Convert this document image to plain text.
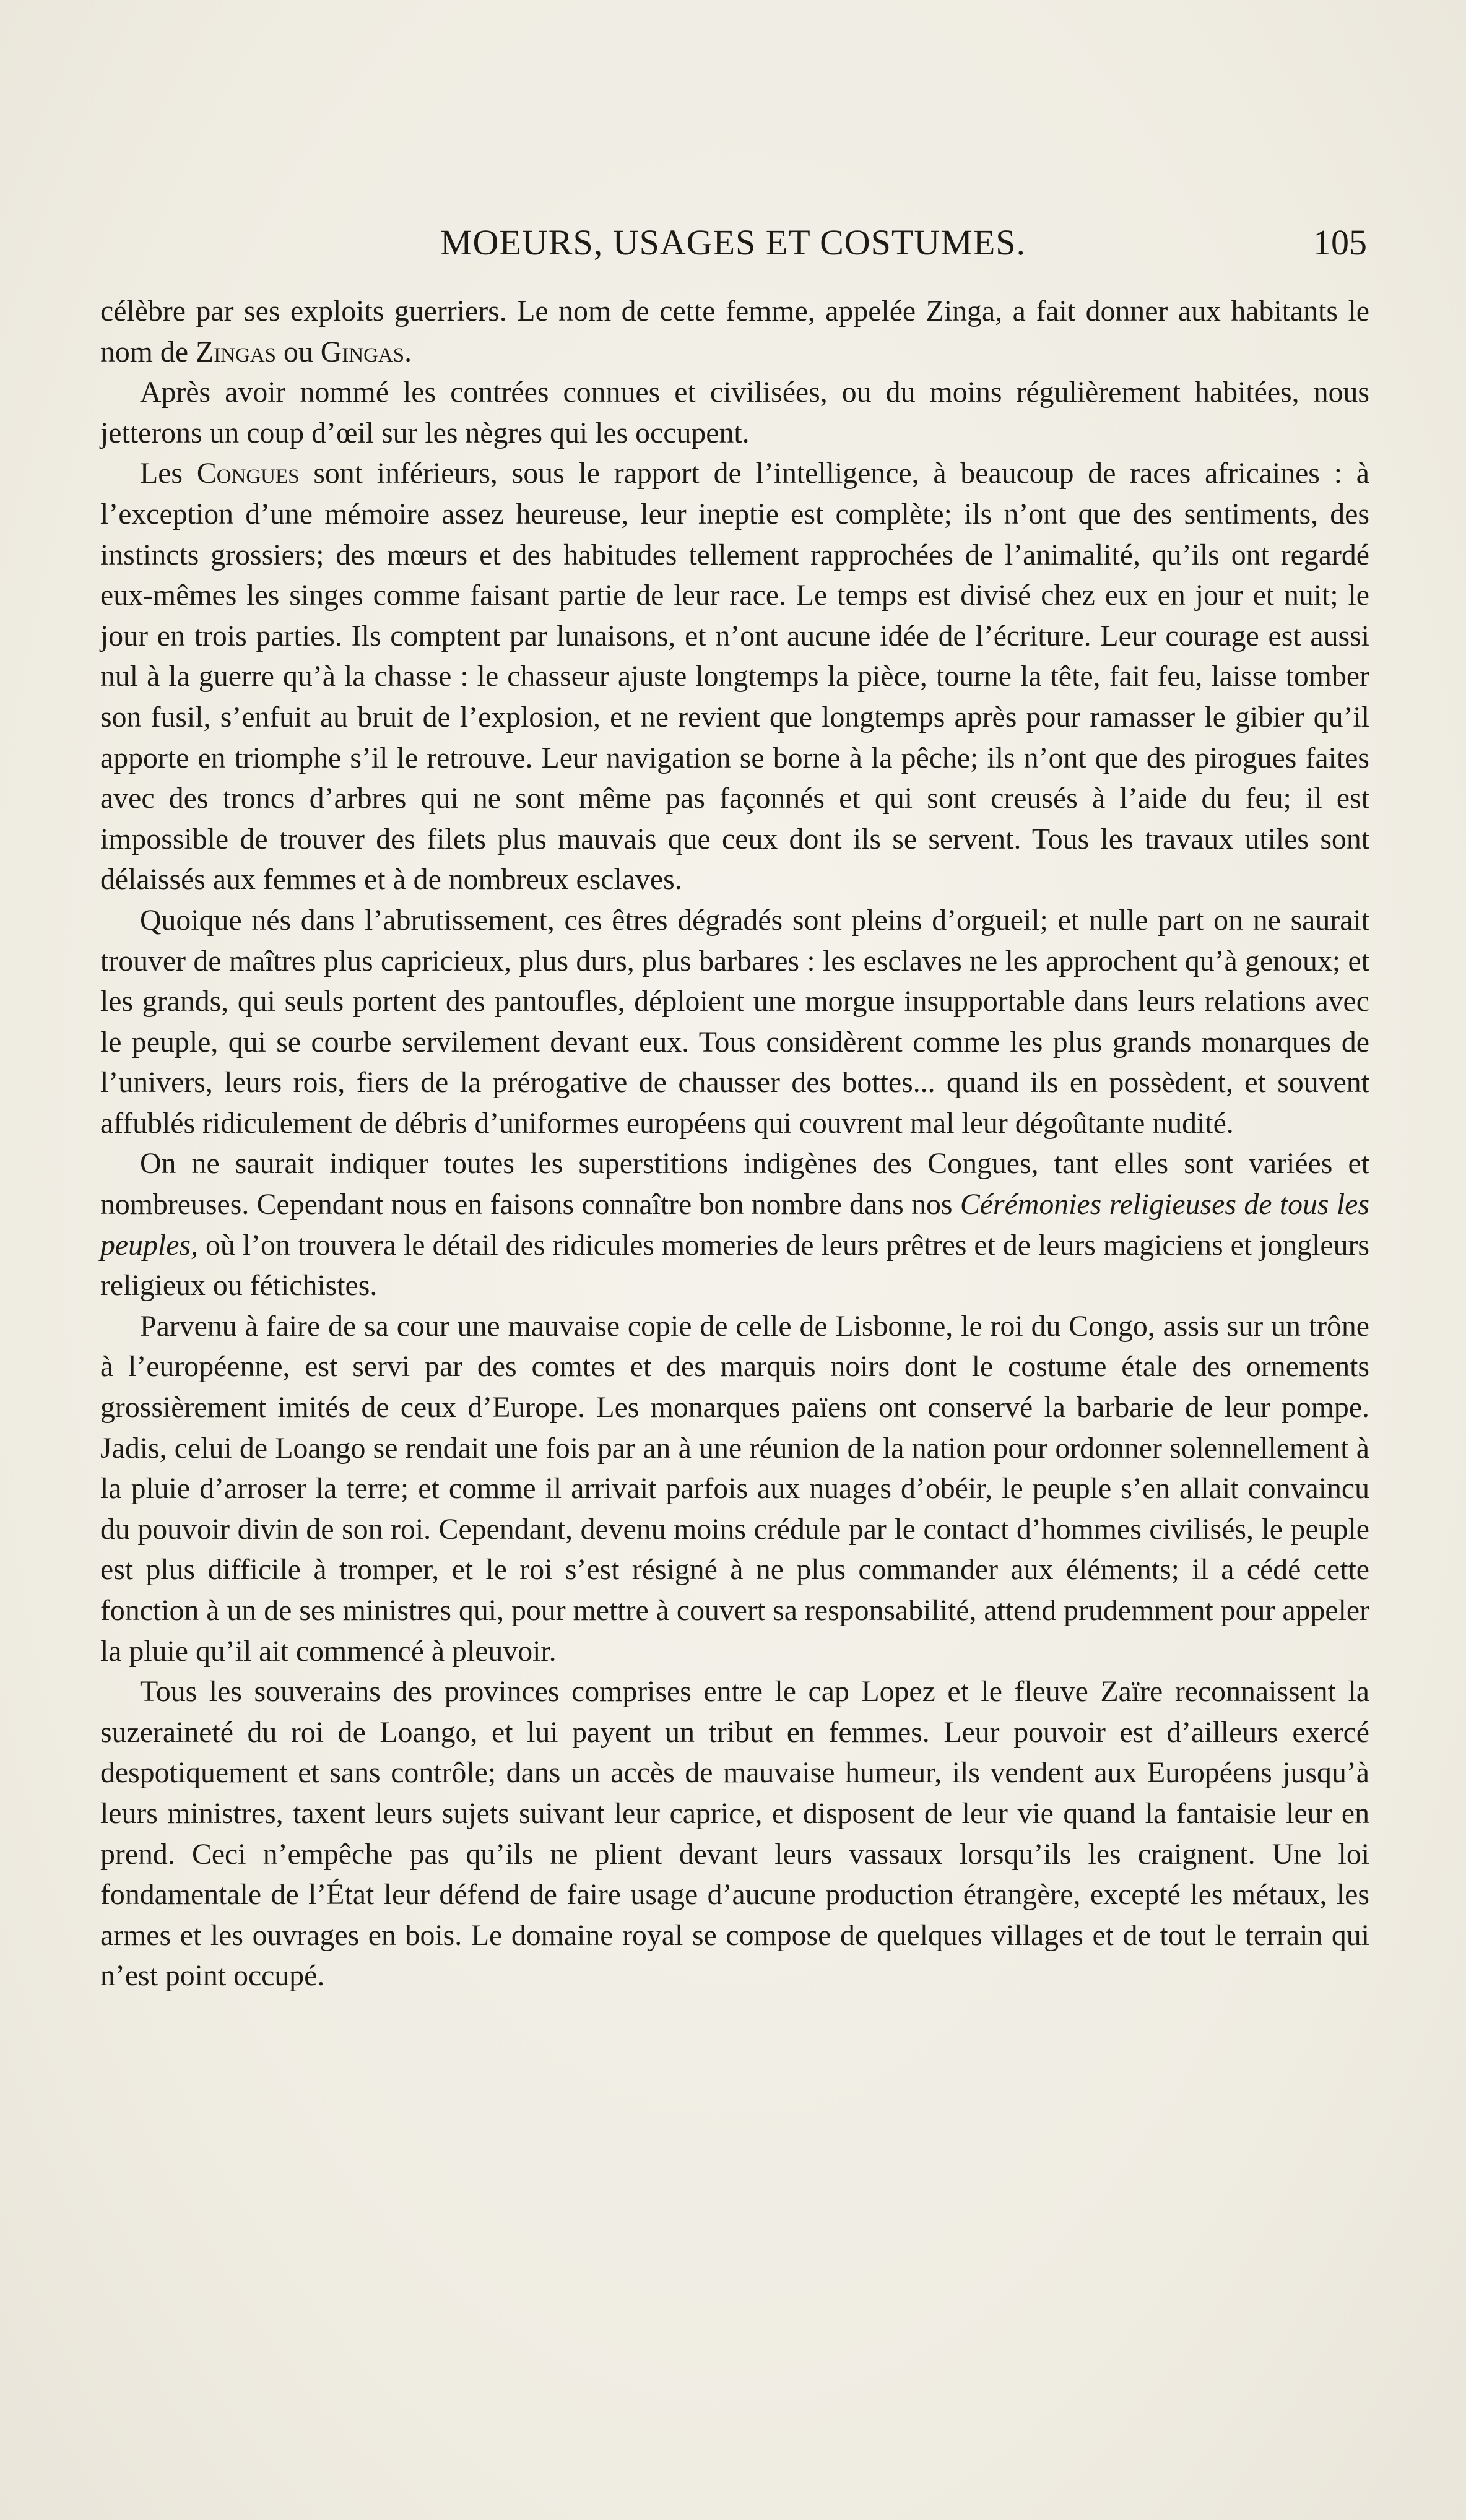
MOEURS, USAGES ET COSTUMES.	105

célèbre par ses exploits guerriers. Le nom de cette femme, appelée Zinga, a fait donner aux habitants le nom de Zingas ou Gingas.

Après avoir nommé les contrées connues et civilisées, ou du moins régulièrement habitées, nous jetterons un coup d’œil sur les nègres qui les occupent.

Les Congues sont inférieurs, sous le rapport de l’intelligence, à beaucoup de races africaines : à l’exception d’une mémoire assez heureuse, leur ineptie est complète; ils n’ont que des sentiments, des instincts grossiers; des mœurs et des habitudes tellement rapprochées de l’animalité, qu’ils ont regardé eux-mêmes les singes comme faisant partie de leur race. Le temps est divisé chez eux en jour et nuit; le jour en trois parties. Ils comptent par lunaisons, et n’ont aucune idée de l’écriture. Leur courage est aussi nul à la guerre qu’à la chasse : le chasseur ajuste longtemps la pièce, tourne la tête, fait feu, laisse tomber son fusil, s’enfuit au bruit de l’explosion, et ne revient que longtemps après pour ramasser le gibier qu’il apporte en triomphe s’il le retrouve. Leur navigation se borne à la pêche; ils n’ont que des pirogues faites avec des troncs d’arbres qui ne sont même pas façonnés et qui sont creusés à l’aide du feu; il est impossible de trouver des filets plus mauvais que ceux dont ils se servent. Tous les travaux utiles sont délaissés aux femmes et à de nombreux esclaves.

Quoique nés dans l’abrutissement, ces êtres dégradés sont pleins d’orgueil; et nulle part on ne saurait trouver de maîtres plus capricieux, plus durs, plus barbares : les esclaves ne les approchent qu’à genoux; et les grands, qui seuls portent des pantoufles, déploient une morgue insupportable dans leurs relations avec le peuple, qui se courbe servilement devant eux. Tous considèrent comme les plus grands monarques de l’univers, leurs rois, fiers de la prérogative de chausser des bottes... quand ils en possèdent, et souvent affublés ridiculement de débris d’uniformes européens qui couvrent mal leur dégoûtante nudité.

On ne saurait indiquer toutes les superstitions indigènes des Congues, tant elles sont variées et nombreuses. Cependant nous en faisons connaître bon nombre dans nos Cérémonies religieuses de tous les peuples, où l’on trouvera le détail des ridicules momeries de leurs prêtres et de leurs magiciens et jongleurs religieux ou fétichistes.

Parvenu à faire de sa cour une mauvaise copie de celle de Lisbonne, le roi du Congo, assis sur un trône à l’européenne, est servi par des comtes et des marquis noirs dont le costume étale des ornements grossièrement imités de ceux d’Europe. Les monarques païens ont conservé la barbarie de leur pompe. Jadis, celui de Loango se rendait une fois par an à une réunion de la nation pour ordonner solennellement à la pluie d’arroser la terre; et comme il arrivait parfois aux nuages d’obéir, le peuple s’en allait convaincu du pouvoir divin de son roi. Cependant, devenu moins crédule par le contact d’hommes civilisés, le peuple est plus difficile à tromper, et le roi s’est résigné à ne plus commander aux éléments; il a cédé cette fonction à un de ses ministres qui, pour mettre à couvert sa responsabilité, attend prudemment pour appeler la pluie qu’il ait commencé à pleuvoir.

Tous les souverains des provinces comprises entre le cap Lopez et le fleuve Zaïre reconnaissent la suzeraineté du roi de Loango, et lui payent un tribut en femmes. Leur pouvoir est d’ailleurs exercé despotiquement et sans contrôle; dans un accès de mauvaise humeur, ils vendent aux Européens jusqu’à leurs ministres, taxent leurs sujets suivant leur caprice, et disposent de leur vie quand la fantaisie leur en prend. Ceci n’empêche pas qu’ils ne plient devant leurs vassaux lorsqu’ils les craignent. Une loi fondamentale de l’État leur défend de faire usage d’aucune production étrangère, excepté les métaux, les armes et les ouvrages en bois. Le domaine royal se compose de quelques villages et de tout le terrain qui n’est point occupé.
